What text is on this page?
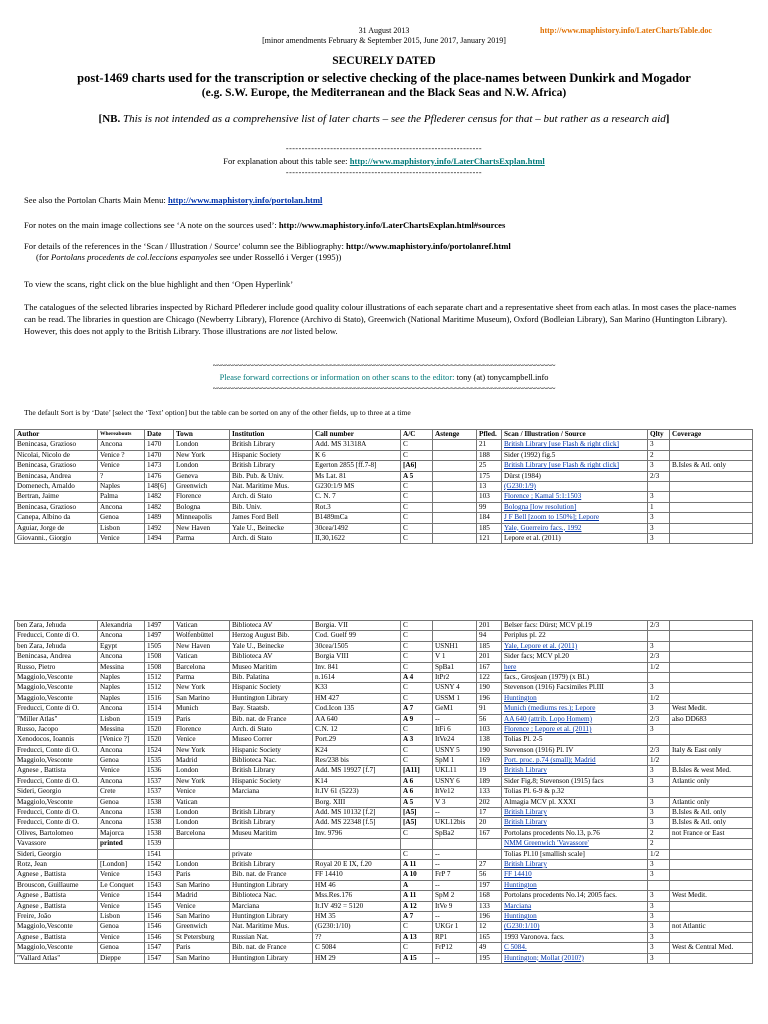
31 August 2013
[minor amendments February & September 2015, June 2017, January 2019]
http://www.maphistory.info/LaterChartsTable.doc
SECURELY DATED
post-1469 charts used for the transcription or selective checking of the place-names between Dunkirk and Mogador
(e.g. S.W. Europe, the Mediterranean and the Black Seas and N.W. Africa)
[NB. This is not intended as a comprehensive list of later charts – see the Pflederer census for that – but rather as a research aid]
--------------------------------------------------------------
For explanation about this table see: http://www.maphistory.info/LaterChartsExplan.html
--------------------------------------------------------------
See also the Portolan Charts Main Menu: http://www.maphistory.info/portolan.html
For notes on the main image collections see ‘A note on the sources used’: http://www.maphistory.info/LaterChartsExplan.html#sources
For details of the references in the ‘Scan / Illustration / Source’ column see the Bibliography: http://www.maphistory.info/portolanref.html
(for Portolans procedents de col.leccions espanyoles see under Rosselló i Verger (1995))
To view the scans, right click on the blue highlight and then ‘Open Hyperlink’
The catalogues of the selected libraries inspected by Richard Pflederer include good quality colour illustrations of each separate chart and a representative sheet from each atlas. In most cases the place-names can be read. The libraries in question are Chicago (Newberry Library), Florence (Archivo di Stato), Greenwich (National Maritime Museum), Oxford (Bodleian Library), San Marino (Huntington Library). However, this does not apply to the British Library. Those illustrations are not listed below.
~~~~~~~~~~~~~~~~~~~~~~~~~~~~~~~~~~~~~~~~~~~~~~~~~~~~~~~~~~~~~~~~~~~~~~~~~~~~~~~~~~~~~
Please forward corrections or information on other scans to the editor: tony (at) tonycampbell.info
~~~~~~~~~~~~~~~~~~~~~~~~~~~~~~~~~~~~~~~~~~~~~~~~~~~~~~~~~~~~~~~~~~~~~~~~~~~~~~~~~~~~~
The default Sort is by ‘Date’ [select the ‘Text’ option] but the table can be sorted on any of the other fields, up to three at a time
Author	Whereabouts	Date	Town	Institution	Call number	A/C	Astenge	Pfled.	Scan / Illustration / Source	Qlty	Coverage
Benincasa, Grazioso	Ancona	1470	London	British Library	Add. MS 31318A	C		21	British Library [use Flash & right click]	3	
Nicolai, Nicolo de	Venice ?	1470	New York	Hispanic Society	K 6	C		188	Sider (1992) fig.5	2	
Benincasa, Grazioso	Venice	1473	London	British Library	Egerton 2855 [ff.7-8]	[A6]		25	British Library [use Flash & right click]	3	B.Isles & Atl. only
Benincasa, Andrea	?	1476	Geneva	Bib. Pub. & Univ.	Ms Lat. 81	A 5		175	Dürst (1984)	2/3	
Domenech, Arnaldo	Naples	148[6]	Greenwich	Nat. Maritime Mus.	G230:1/9 MS	C		13	(G230:1/9)		
Bertran, Jaime	Palma	1482	Florence	Arch. di Stato	C. N. 7	C		103	Florence ; Kamal 5:1:1503	3	
Benincasa, Grazioso	Ancona	1482	Bologna	Bib. Univ.	Rot.3	C		99	Bologna [low resolution]	1	
Canepa, Albino da	Genoa	1489	Minneapolis	James Ford Bell	B1489mCa	C		184	J F Bell [zoom to 150%]; Lepore	3	
Aguiar, Jorge de	Lisbon	1492	New Haven	Yale U., Beinecke	30cea/1492	C		185	Yale, Guerreiro facs., 1992	3	
Giovanni., Giorgio	Venice	1494	Parma	Arch. di Stato	II,30,1622	C		121	Lepore et al. (2011)	3	
ben Zara, Jehuda	Alexandria	1497	Vatican	Biblioteca AV	Borgia. VII	C		201	Belser facs: Dürst; MCV pl.19	2/3	
Freducci, Conte di O.	Ancona	1497	Wolfenbüttel	Herzog August Bib.	Cod. Guelf 99	C		94	Periplus pl. 22		
ben Zara, Jehuda	Egypt	1505	New Haven	Yale U., Beinecke	30cea/1505	C	USNH1	185	Yale, Lepore et al. (2011)	3	
Benincasa, Andrea	Ancona	1508	Vatican	Biblioteca AV	Borgia VIII	C	V 1	201	Sider facs; MCV pl.20	2/3	
Russo, Pietro	Messina	1508	Barcelona	Museo Maritim	Inv. 841	C	SpBa1	167	here	1/2	
Maggiolo,Vesconte	Naples	1512	Parma	Bib. Palatina	n.1614	A 4	ItPr2	122	facs., Grosjean (1979) (x BL)		
Maggiolo,Vesconte	Naples	1512	New York	Hispanic Society	K33	C	USNY 4	190	Stevenson (1916) Facsimiles Pl.III	3	
Maggiolo,Vesconte	Naples	1516	San Marino	Huntington Library	HM 427	C	USSM 1	196	Huntington	1/2	
Freducci, Conte di O.	Ancona	1514	Munich	Bay. Staatsb.	Cod.Icon 135	A 7	GeM1	91	Munich (mediums res.); Lepore	3	West Medit.
"Miller Atlas"	Lisbon	1519	Paris	Bib. nat. de France	AA 640	A 9	--	56	AA 640 (attrib. Lopo Homem)	2/3	also DD683
Russo, Jacopo	Messina	1520	Florence	Arch. di Stato	C.N. 12	C	ItFi 6	103	Florence ; Lepore et al. (2011)	3	
Xenodocos, Ioannis	[Venice ?]	1520	Venice	Museo Correr	Port.29	A 3	ItVe24	138	Tolias Pl. 2-5		
Freducci, Conte di O.	Ancona	1524	New York	Hispanic Society	K24	C	USNY 5	190	Stevenson (1916) Pl. IV	2/3	Italy & East only
Maggiolo,Vesconte	Genoa	1535	Madrid	Biblioteca Nac.	Res/238 bis	C	SpM 1	169	Port. proc. p.74 (small); Madrid	1/2	
Agnese , Battista	Venice	1536	London	British Library	Add. MS 19927 [f.7]	[A11]	UKL11	19	British Library	3	B.Isles & west Med.
Freducci, Conte di O.	Ancona	1537	New York	Hispanic Society	K14	A 6	USNY 6	189	Sider Fig.8; Stevenson (1915) facs	3	Atlantic only
Sideri, Georgio	Crete	1537	Venice	Marciana	It.IV 61 (5223)	A 6	ItVe12	133	Tolias Pl. 6-9 & p.32		
Maggiolo,Vesconte	Genoa	1538	Vatican		Borg. XIII	A 5	V 3	202	Almagia MCV pl. XXXI	3	Atlantic only
Freducci, Conte di O.	Ancona	1538	London	British Library	Add. MS 10132 [f.2]	[A5]	--	17	British Library	3	B.Isles & Atl. only
Freducci, Conte di O.	Ancona	1538	London	British Library	Add. MS 22348 [f.5]	[A5]	UKL12bis	20	British Library	3	B.Isles & Atl. only
Olives, Bartolomeo	Majorca	1538	Barcelona	Museu Maritim	Inv. 9796	C	SpBa2	167	Portolans procedents No.13, p.76	2	not France or East
Vavassore	printed	1539							NMM Greenwich 'Vavassore'	2	
Sideri, Georgio		1541		private		C	--		Tolias Pl.10 [smallish scale]	1/2	
Rotz, Jean	[London]	1542	London	British Library	Royal 20 E IX, f.20	A 11	--	27	British Library	3	
Agnese , Battista	Venice	1543	Paris	Bib. nat. de France	FF 14410	A 10	FrP 7	56	FF 14410	3	
Brouscon, Guillaume	Le Conquet	1543	San Marino	Huntington Library	HM 46	A	--	197	Huntington		
Agnese , Battista	Venice	1544	Madrid	Biblioteca Nac.	Mss.Res.176	A 11	SpM 2	168	Portolans procedents No.14; 2005 facs.	3	West Medit.
Agnese , Battista	Venice	1545	Venice	Marciana	It.IV 492 = 5120	A 12	ItVe 9	133	Marciana	3	
Freire, João	Lisbon	1546	San Marino	Huntington Library	HM 35	A 7	--	196	Huntington	3	
Maggiolo,Vesconte	Genoa	1546	Greenwich	Nat. Maritime Mus.	(G230:1/10)	C	UKGr 1	12	(G230:1/10)	3	not Atlantic
Agnese , Battista	Venice	1546	St Petersburg	Russian Nat.	??	A 13	RP1	165	1993 Varonova. facs.	3	
Maggiolo,Vesconte	Genoa	1547	Paris	Bib. nat. de France	C 5084	C	FrP12	49	C 5084.	3	West & Central Med.
"Vallard Atlas"	Dieppe	1547	San Marino	Huntington Library	HM 29	A 15	--	195	Huntington; Mollat (2010?)	3	
